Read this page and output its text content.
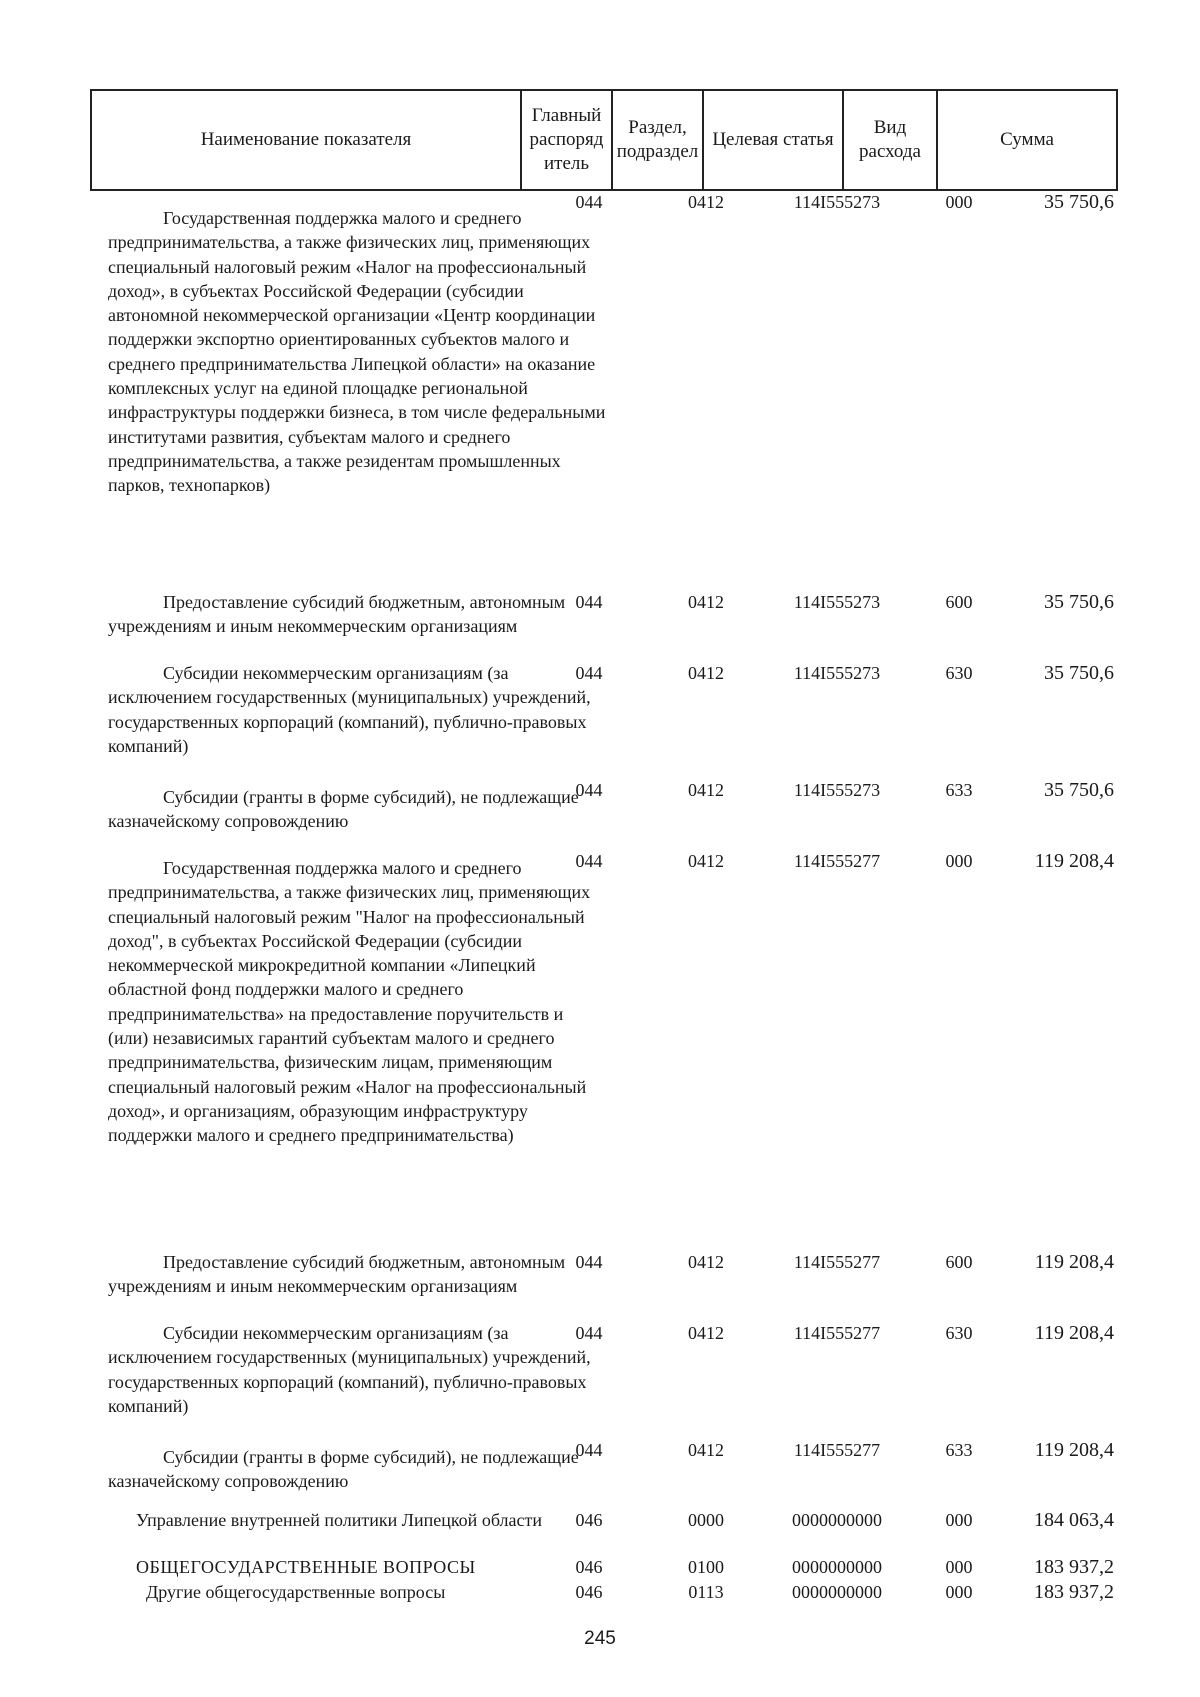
Наименование показателя	Главный распоряд итель	Раздел, подраздел	Целевая статья	Вид расхода	Сумма
Государственная поддержка малого и среднего предпринимательства, а также физических лиц, применяющих специальный налоговый режим «Налог на профессиональный доход», в субъектах Российской Федерации (субсидии автономной некоммерческой организации «Центр координации поддержки экспортно ориентированных субъектов малого и среднего предпринимательства Липецкой области» на оказание комплексных услуг на единой площадке региональной инфраструктуры поддержки бизнеса, в том числе федеральными институтами развития, субъектам малого и среднего предпринимательства, а также резидентам промышленных парков, технопарков)
044	0412	114I555273	000	35 750,6
Предоставление субсидий бюджетным, автономным учреждениям и иным некоммерческим организациям
044	0412	114I555273	600	35 750,6
Субсидии некоммерческим организациям (за исключением государственных (муниципальных) учреждений, государственных корпораций (компаний), публично-правовых компаний)
044	0412	114I555273	630	35 750,6
Субсидии (гранты в форме субсидий), не подлежащие казначейскому сопровождению
044	0412	114I555273	633	35 750,6
Государственная поддержка малого и среднего предпринимательства, а также физических лиц, применяющих специальный налоговый режим "Налог на профессиональный доход", в субъектах Российской Федерации (субсидии некоммерческой микрокредитной компании «Липецкий областной фонд поддержки малого и среднего предпринимательства» на предоставление поручительств и (или) независимых гарантий субъектам малого и среднего предпринимательства, физическим лицам, применяющим специальный налоговый режим «Налог на профессиональный доход», и организациям, образующим инфраструктуру поддержки малого и среднего предпринимательства)
044	0412	114I555277	000	119 208,4
Предоставление субсидий бюджетным, автономным учреждениям и иным некоммерческим организациям
044	0412	114I555277	600	119 208,4
Субсидии некоммерческим организациям (за исключением государственных (муниципальных) учреждений, государственных корпораций (компаний), публично-правовых компаний)
044	0412	114I555277	630	119 208,4
Субсидии (гранты в форме субсидий), не подлежащие казначейскому сопровождению
044	0412	114I555277	633	119 208,4
Управление внутренней политики Липецкой области	046	0000	0000000000	000	184 063,4
ОБЩЕГОСУДАРСТВЕННЫЕ ВОПРОСЫ	046	0100	0000000000	000	183 937,2
Другие общегосударственные вопросы	046	0113	0000000000	000	183 937,2
245
